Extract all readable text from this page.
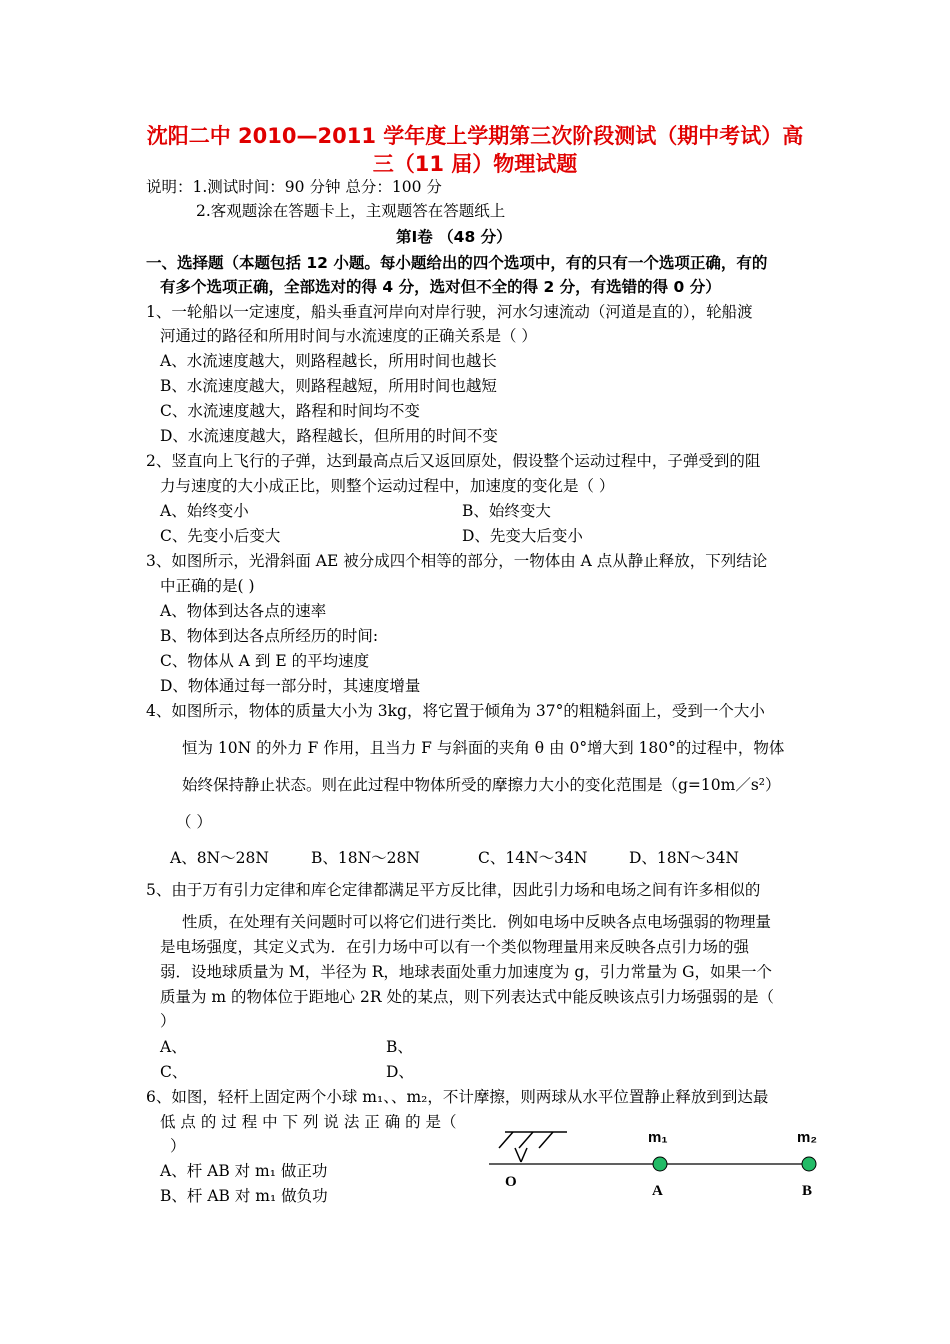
沈阳二中 2010—2011 学年度上学期第三次阶段测试（期中考试）高
三（11 届）物理试题
说明：1.测试时间：90 分钟 总分：100 分
2.客观题涂在答题卡上，主观题答在答题纸上
第Ⅰ卷 （48 分）
一、选择题（本题包括 12 小题。每小题给出的四个选项中，有的只有一个选项正确，有的
有多个选项正确，全部选对的得 4 分，选对但不全的得 2 分，有选错的得 0 分）
1、一轮船以一定速度，船头垂直河岸向对岸行驶，河水匀速流动（河道是直的），轮船渡
河通过的路径和所用时间与水流速度的正确关系是（ ）
A、水流速度越大，则路程越长，所用时间也越长
B、水流速度越大，则路程越短，所用时间也越短
C、水流速度越大，路程和时间均不变
D、水流速度越大，路程越长，但所用的时间不变
2、竖直向上飞行的子弹，达到最高点后又返回原处，假设整个运动过程中，子弹受到的阻
力与速度的大小成正比，则整个运动过程中，加速度的变化是（ ）
A、始终变小	B、始终变大
C、先变小后变大	D、先变大后变小
3、如图所示，光滑斜面 AE 被分成四个相等的部分，一物体由 A 点从静止释放，下列结论
中正确的是( )
A、物体到达各点的速率
B、物体到达各点所经历的时间:
C、物体从 A 到 E 的平均速度
D、物体通过每一部分时，其速度增量
4、如图所示，物体的质量大小为 3kg，将它置于倾角为 37°的粗糙斜面上，受到一个大小
恒为 10N 的外力 F 作用，且当力 F 与斜面的夹角 θ 由 0°增大到 180°的过程中，物体
始终保持静止状态。则在此过程中物体所受的摩擦力大小的变化范围是（g=10m／s²）
（ ）
A、8N～28N	B、18N～28N	C、14N～34N	D、18N～34N
5、由于万有引力定律和库仑定律都满足平方反比律，因此引力场和电场之间有许多相似的
性质，在处理有关问题时可以将它们进行类比．例如电场中反映各点电场强弱的物理量
是电场强度，其定义式为．在引力场中可以有一个类似物理量用来反映各点引力场的强
弱．设地球质量为 M，半径为 R，地球表面处重力加速度为 g，引力常量为 G，如果一个
质量为 m 的物体位于距地心 2R 处的某点，则下列表达式中能反映该点引力场强弱的是（
）
A、	B、
C、	D、
6、如图，轻杆上固定两个小球 m₁、、m₂，不计摩擦，则两球从水平位置静止释放到到达最
低 点 的 过 程 中 下 列 说 法 正 确 的 是（
）
A、杆 AB 对 m₁ 做正功
B、杆 AB 对 m₁ 做负功
m₁	m₂
O
A	B
